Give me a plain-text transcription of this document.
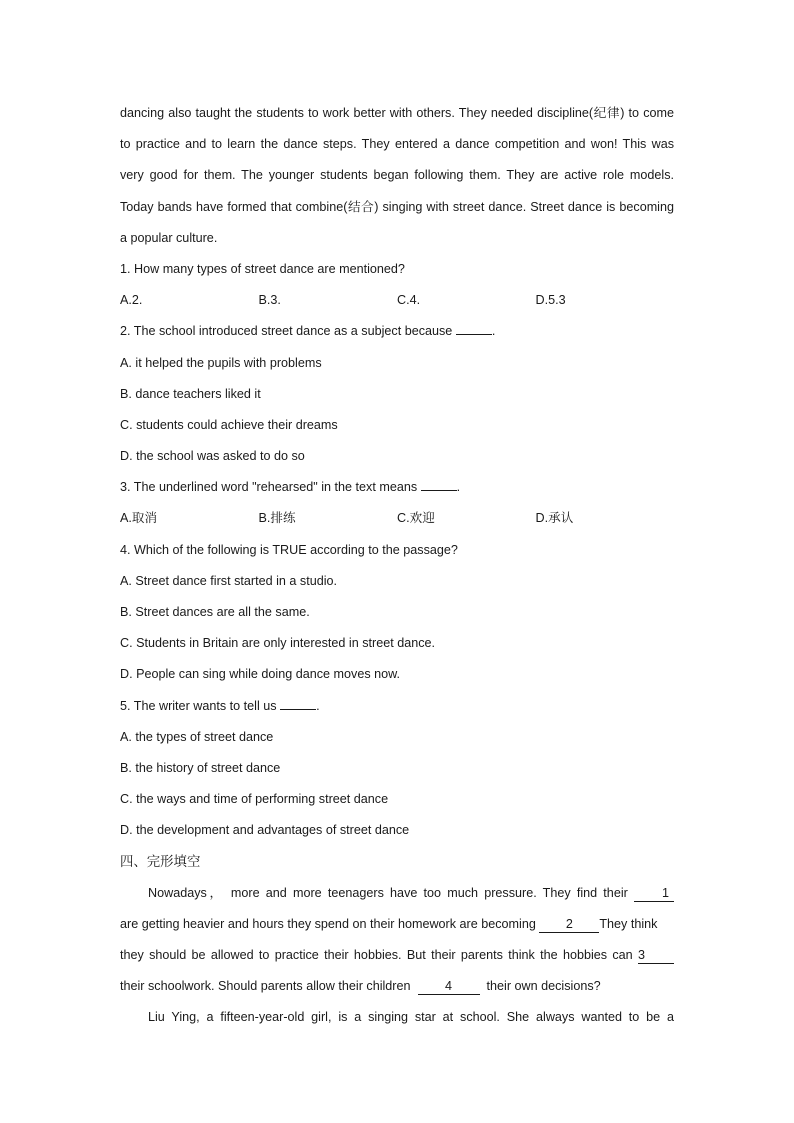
dancing also taught the students to work better with others. They needed discipline(纪律) to come
to practice and to learn the dance steps. They entered a dance competition and won! This was
very good for them. The younger students began following them. They are active role models.
Today bands have formed that combine(结合) singing with street dance. Street dance is becoming
a popular culture.
1. How many types of street dance are mentioned?
A.2.	B.3.	C.4.	D.5.3
2. The school introduced street dance as a subject because	.
A. it helped the pupils with problems
B. dance teachers liked it
C. students could achieve their dreams
D. the school was asked to do so
3. The underlined word "rehearsed" in the text means	.
A.取消	B.排练	C.欢迎	D.承认
4. Which of the following is TRUE according to the passage?
A. Street dance first started in a studio.
B. Street dances are all the same.
C. Students in Britain are only interested in street dance.
D. People can sing while doing dance moves now.
5. The writer wants to tell us	.
A. the types of street dance
B. the history of street dance
C. the ways and time of performing street dance
D. the development and advantages of street dance
四、完形填空
Nowadays， more and more teenagers have too much pressure. They find their	1
are getting heavier and hours they spend on their homework are becoming 2 They think
they should be allowed to practice their hobbies. But their parents think the hobbies can 3
their schoolwork. Should parents allow their children	4	their own decisions?
Liu Ying, a fifteen-year-old girl, is a singing star at school. She always wanted to be a
